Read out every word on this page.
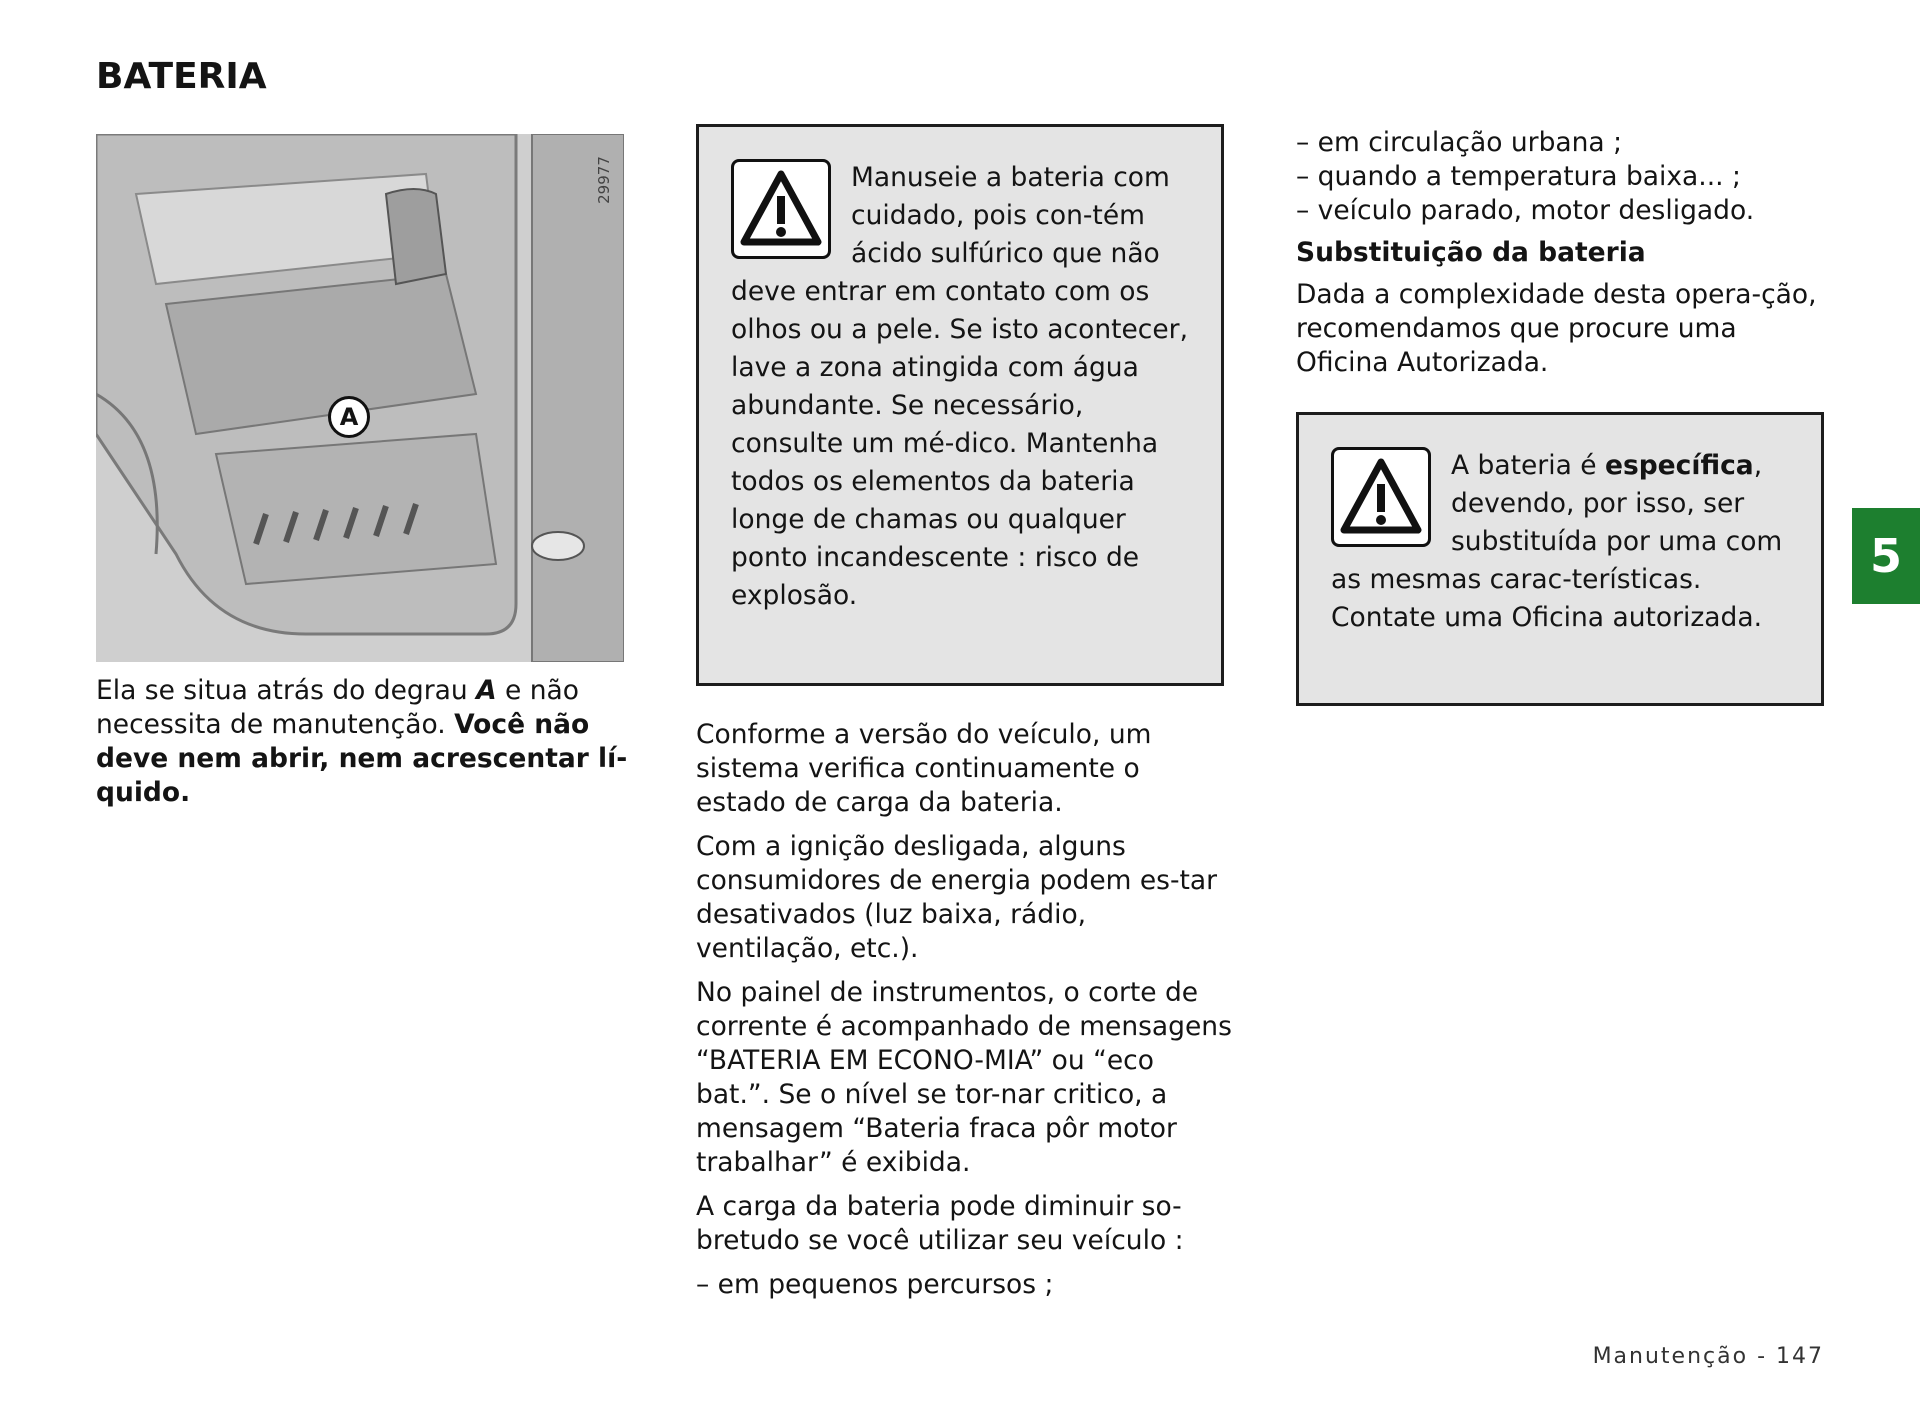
BATERIA
29977
A

Ela se situa atrás do degrau A e não necessita de manutenção. Você não deve nem abrir, nem acrescentar lí-quido.

Manuseie a bateria com cuidado, pois con-tém ácido sulfúrico que não deve entrar em contato com os olhos ou a pele. Se isto acontecer, lave a zona atingida com água abundante. Se necessário, consulte um mé-dico. Mantenha todos os elementos da bateria longe de chamas ou qualquer ponto incandescente : risco de explosão.

Conforme a versão do veículo, um sistema verifica continuamente o estado de carga da bateria.

Com a ignição desligada, alguns consumidores de energia podem es-tar desativados (luz baixa, rádio, ventilação, etc.).

No painel de instrumentos, o corte de corrente é acompanhado de mensagens “BATERIA EM ECONO-MIA” ou “eco bat.”. Se o nível se tor-nar critico, a mensagem “Bateria fraca pôr motor trabalhar” é exibida.

A carga da bateria pode diminuir so-bretudo se você utilizar seu veículo :

– em pequenos percursos ;

– em circulação urbana ;

– quando a temperatura baixa... ;

– veículo parado, motor desligado.

Substituição da bateria

Dada a complexidade desta opera-ção, recomendamos que procure uma Oficina Autorizada.

A bateria é específica, devendo, por isso, ser substituída por uma com as mesmas carac-terísticas. Contate uma Oficina autorizada.
5
Manutenção - 147
